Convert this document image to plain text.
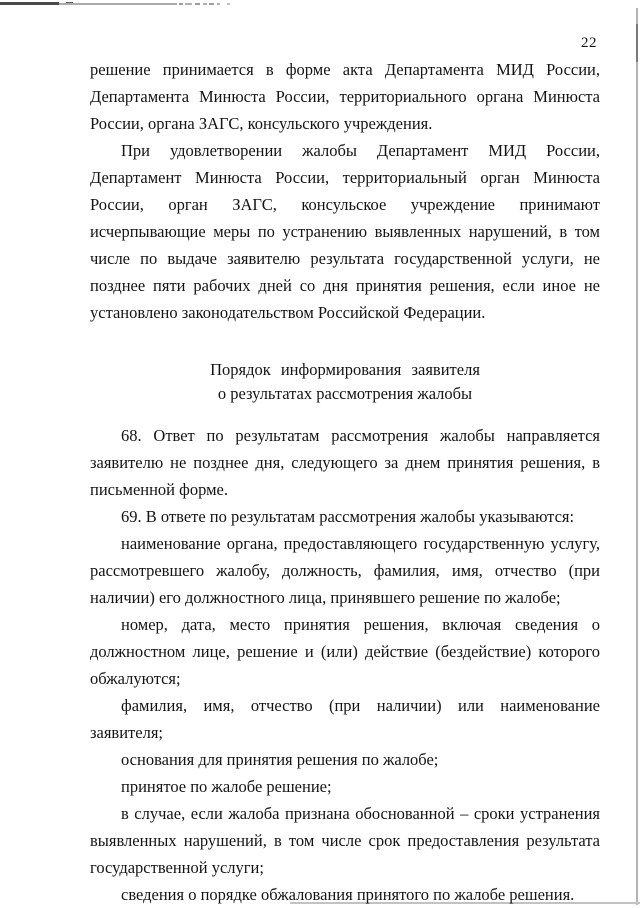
22

решение принимается в форме акта Департамента МИД России, Департамента Минюста России, территориального органа Минюста России, органа ЗАГС, консульского учреждения.

При удовлетворении жалобы Департамент МИД России, Департамент Минюста России, территориальный орган Минюста России, орган ЗАГС, консульское учреждение принимают исчерпывающие меры по устранению выявленных нарушений, в том числе по выдаче заявителю результата государственной услуги, не позднее пяти рабочих дней со дня принятия решения, если иное не установлено законодательством Российской Федерации.

Порядок информирования заявителя
о результатах рассмотрения жалобы

68. Ответ по результатам рассмотрения жалобы направляется заявителю не позднее дня, следующего за днем принятия решения, в письменной форме.

69. В ответе по результатам рассмотрения жалобы указываются:

наименование органа, предоставляющего государственную услугу, рассмотревшего жалобу, должность, фамилия, имя, отчество (при наличии) его должностного лица, принявшего решение по жалобе;

номер, дата, место принятия решения, включая сведения о должностном лице, решение и (или) действие (бездействие) которого обжалуются;

фамилия, имя, отчество (при наличии) или наименование заявителя;

основания для принятия решения по жалобе;

принятое по жалобе решение;

в случае, если жалоба признана обоснованной – сроки устранения выявленных нарушений, в том числе срок предоставления результата государственной услуги;

сведения о порядке обжалования принятого по жалобе решения.
